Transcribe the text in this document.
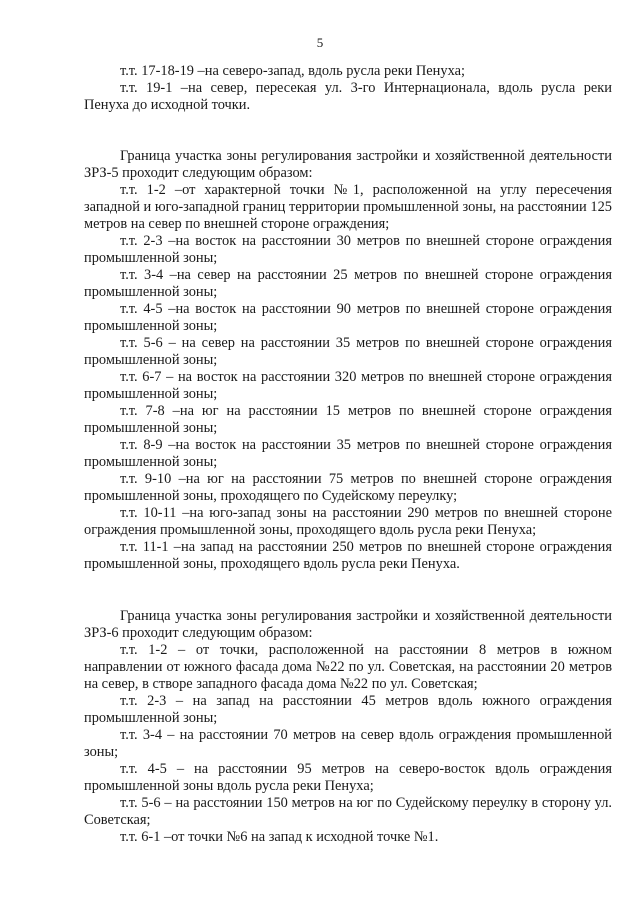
5

т.т. 17-18-19 –на северо-запад, вдоль русла реки Пенуха;

т.т. 19-1 –на север, пересекая ул. 3-го Интернационала, вдоль русла реки Пенуха до исходной точки.

Граница участка зоны регулирования застройки и хозяйственной деятельности ЗРЗ-5 проходит следующим образом:

т.т. 1-2 –от характерной точки №1, расположенной на углу пересечения западной и юго-западной границ территории промышленной зоны, на расстоянии 125 метров на север по внешней стороне ограждения;

т.т. 2-3 –на восток на расстоянии 30 метров по внешней стороне ограждения промышленной зоны;

т.т. 3-4 –на север на расстоянии 25 метров по внешней стороне ограждения промышленной зоны;

т.т. 4-5 –на восток на расстоянии 90 метров по внешней стороне ограждения промышленной зоны;

т.т. 5-6 – на север на расстоянии 35 метров по внешней стороне ограждения промышленной зоны;

т.т. 6-7 – на восток на расстоянии 320 метров по внешней стороне ограждения промышленной зоны;

т.т. 7-8 –на юг на расстоянии 15 метров по внешней стороне ограждения промышленной зоны;

т.т. 8-9 –на восток на расстоянии 35 метров по внешней стороне ограждения промышленной зоны;

т.т. 9-10 –на юг на расстоянии 75 метров по внешней стороне ограждения промышленной зоны, проходящего по Судейскому переулку;

т.т. 10-11 –на юго-запад зоны на расстоянии 290 метров по внешней стороне ограждения промышленной зоны, проходящего вдоль русла реки Пенуха;

т.т. 11-1 –на запад на расстоянии 250 метров по внешней стороне ограждения промышленной зоны, проходящего вдоль русла реки Пенуха.

Граница участка зоны регулирования застройки и хозяйственной деятельности ЗРЗ-6 проходит следующим образом:

т.т. 1-2 – от точки, расположенной на расстоянии 8 метров в южном направлении от южного фасада дома №22 по ул. Советская, на расстоянии 20 метров на север, в створе западного фасада дома №22 по ул. Советская;

т.т. 2-3 – на запад на расстоянии 45 метров вдоль южного ограждения промышленной зоны;

т.т. 3-4 – на расстоянии 70 метров на север вдоль ограждения промышленной зоны;

т.т. 4-5 – на расстоянии 95 метров на северо-восток вдоль ограждения промышленной зоны вдоль русла реки Пенуха;

т.т. 5-6 – на расстоянии 150 метров на юг по Судейскому переулку в сторону ул. Советская;

т.т. 6-1 –от точки №6 на запад к исходной точке №1.
